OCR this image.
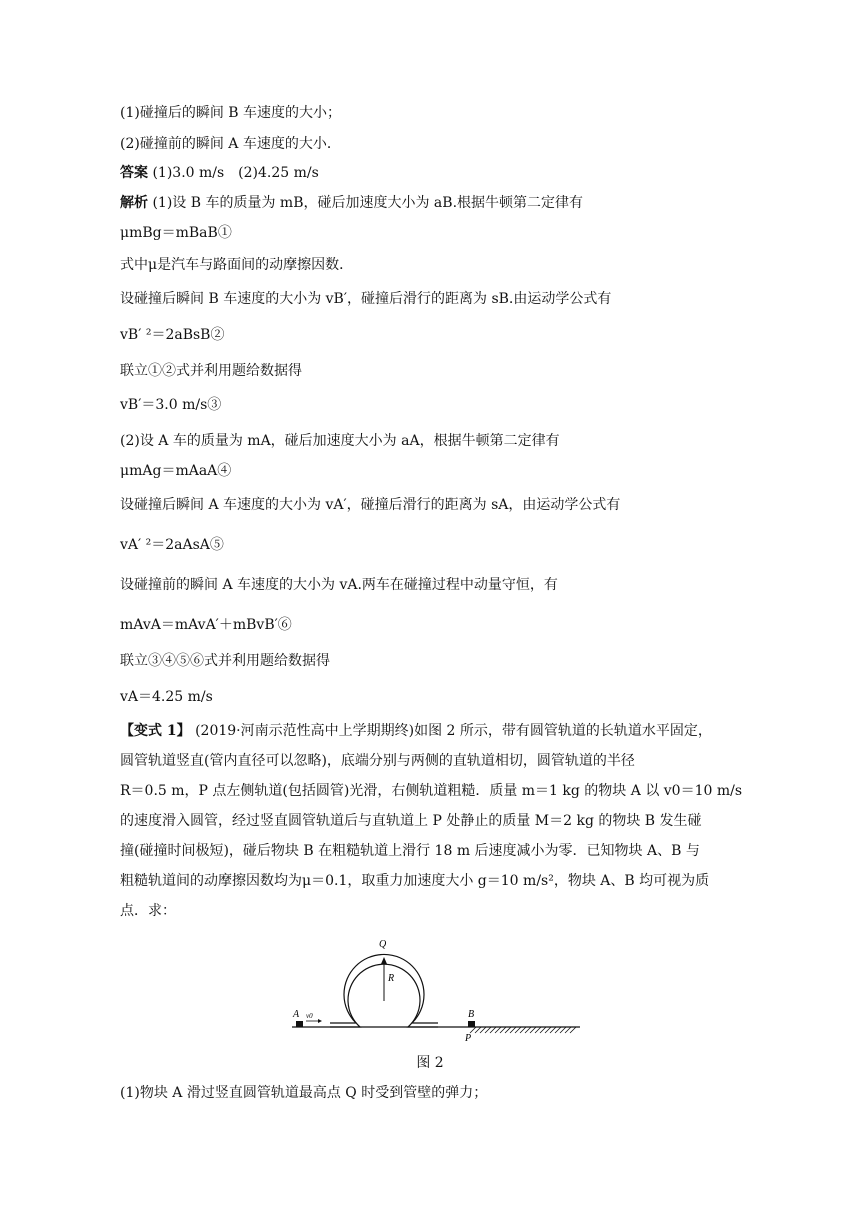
(1)碰撞后的瞬间 B 车速度的大小；
(2)碰撞前的瞬间 A 车速度的大小．
答案 (1)3.0 m/s　(2)4.25 m/s
解析 (1)设 B 车的质量为 mB，碰后加速度大小为 aB.根据牛顿第二定律有
μmBg＝mBaB①
式中μ是汽车与路面间的动摩擦因数．
设碰撞后瞬间 B 车速度的大小为 vB′，碰撞后滑行的距离为 sB.由运动学公式有
vB′ ²＝2aBsB②
联立①②式并利用题给数据得
vB′＝3.0 m/s③
(2)设 A 车的质量为 mA，碰后加速度大小为 aA，根据牛顿第二定律有
μmAg＝mAaA④
设碰撞后瞬间 A 车速度的大小为 vA′，碰撞后滑行的距离为 sA，由运动学公式有
vA′ ²＝2aAsA⑤
设碰撞前的瞬间 A 车速度的大小为 vA.两车在碰撞过程中动量守恒，有
mAvA＝mAvA′＋mBvB′⑥
联立③④⑤⑥式并利用题给数据得
vA＝4.25 m/s
【变式 1】 (2019·河南示范性高中上学期期终)如图 2 所示，带有圆管轨道的长轨道水平固定，
圆管轨道竖直(管内直径可以忽略)，底端分别与两侧的直轨道相切，圆管轨道的半径
R＝0.5 m，P 点左侧轨道(包括圆管)光滑，右侧轨道粗糙．质量 m＝1 kg 的物块 A 以 v0＝10 m/s
的速度滑入圆管，经过竖直圆管轨道后与直轨道上 P 处静止的质量 M＝2 kg 的物块 B 发生碰
撞(碰撞时间极短)，碰后物块 B 在粗糙轨道上滑行 18 m 后速度减小为零．已知物块 A、B 与
粗糙轨道间的动摩擦因数均为μ＝0.1，取重力加速度大小 g＝10 m/s²，物块 A、B 均可视为质
点．求：
Q
R
A v0	B
P
图 2
(1)物块 A 滑过竖直圆管轨道最高点 Q 时受到管壁的弹力；
